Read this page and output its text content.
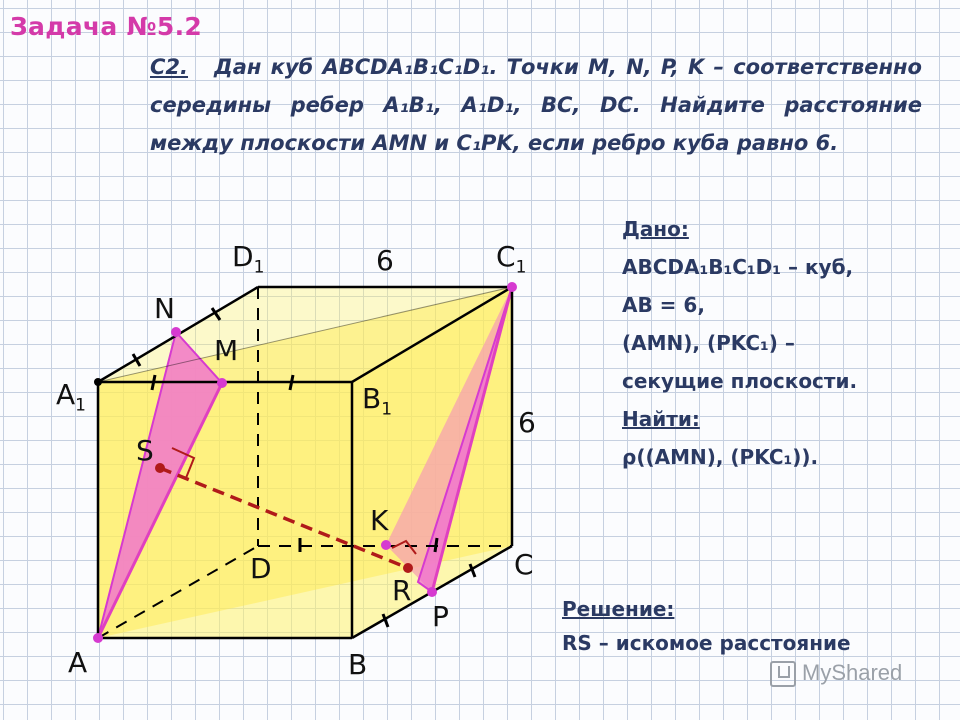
Задача №5.2
С2. Дан куб ABCDA₁B₁C₁D₁. Точки M, N, P, K – соответственно середины ребер A₁B₁, A₁D₁, BC, DC. Найдите расстояние между плоскости AMN и C₁PK, если ребро куба равно 6.
$D_1$	$C_1$
$A_1$	$B_1$
6
6
N
M
S
K
D	C
R
P
A	B
Дано:
ABCDA₁B₁C₁D₁ – куб,
AB = 6,
(AMN), (PKC₁) –
секущие плоскости.
Найти:
ρ((AMN), (PKC₁)).
Решение:
RS – искомое расстояние
MyShared
